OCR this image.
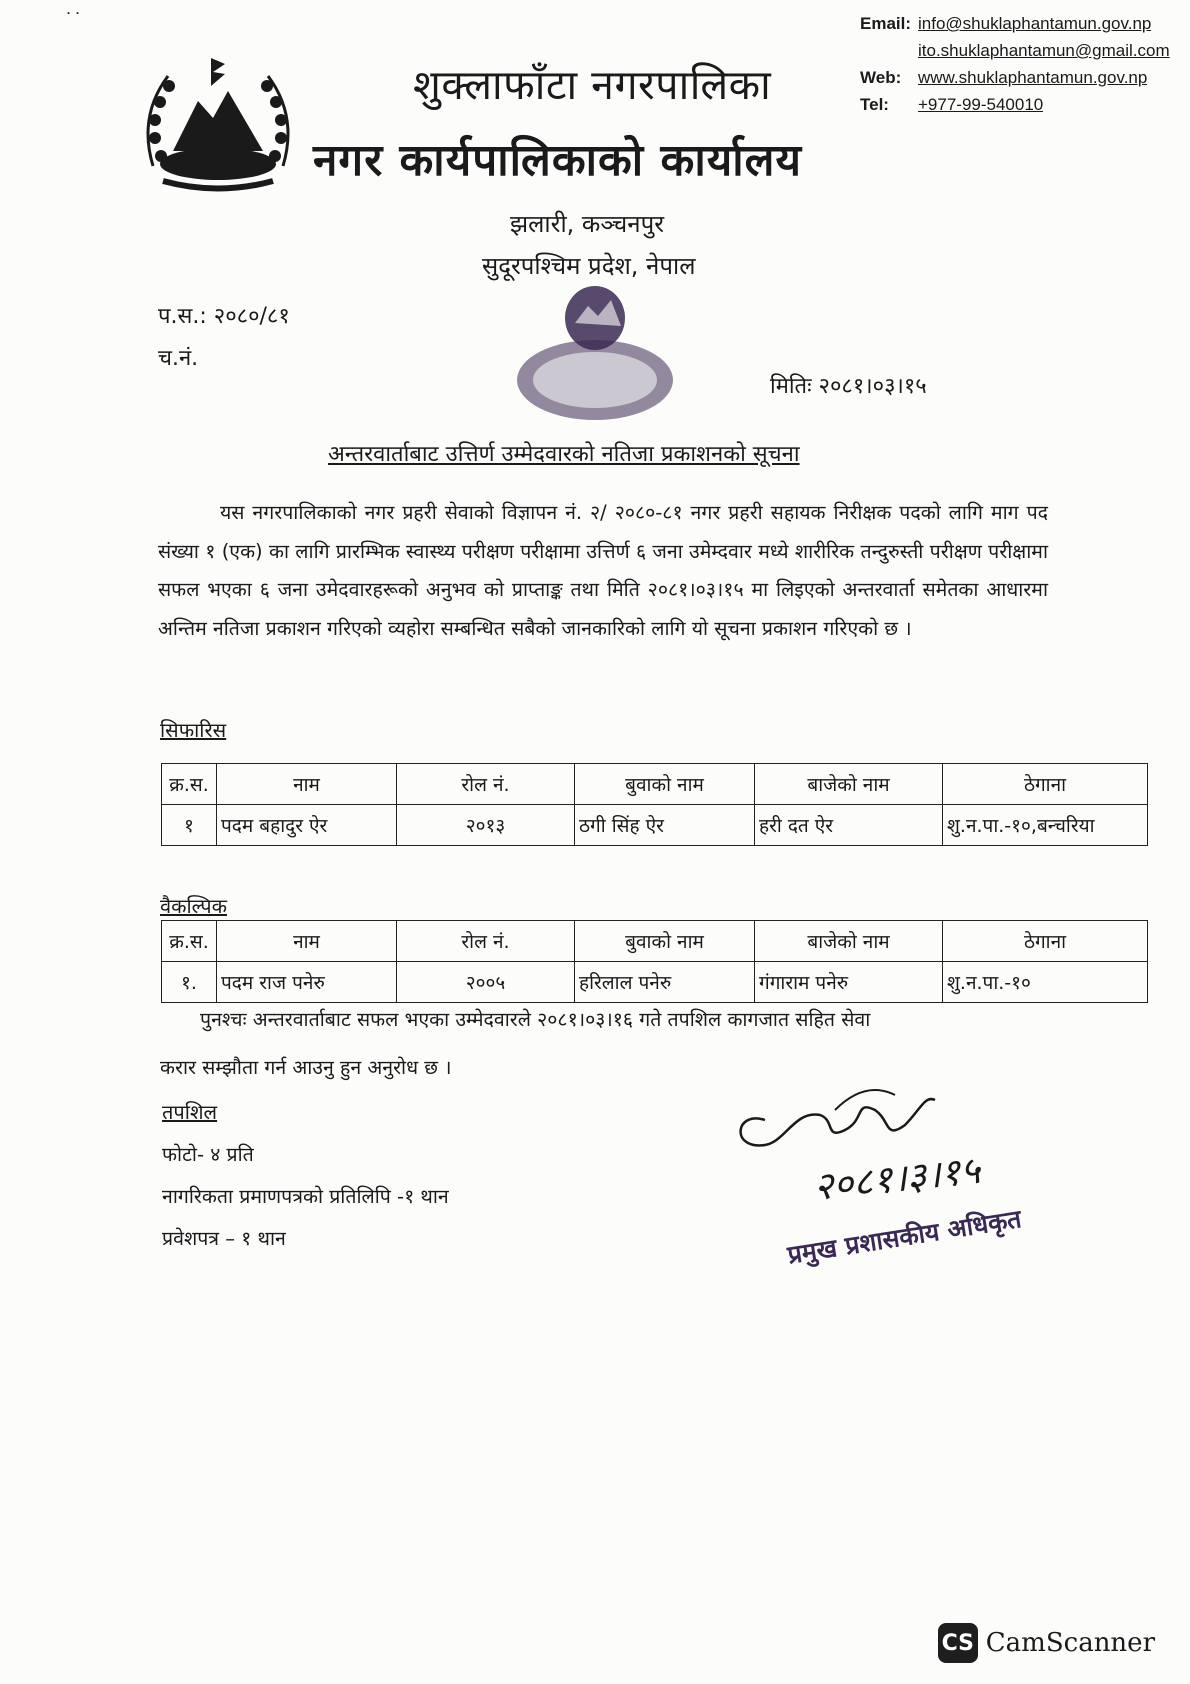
˙˙	Email: info@shuklaphantamun.gov.np
ito.shuklaphantamun@gmail.com
Web: www.shuklaphantamun.gov.np
Tel:	+977-99-540010
शुक्लाफाँटा नगरपालिका
नगर कार्यपालिकाको कार्यालय
झलारी, कञ्चनपुर
सुदूरपश्चिम प्रदेश, नेपाल
प.स.: २०८०/८१
च.नं.
मितिः २०८१।०३।१५
अन्तरवार्ताबाट उत्तिर्ण उम्मेदवारको नतिजा प्रकाशनको सूचना
यस नगरपालिकाको नगर प्रहरी सेवाको विज्ञापन नं. २/ २०८०-८१ नगर प्रहरी सहायक निरीक्षक पदको लागि माग पद संख्या १ (एक) का लागि प्रारम्भिक स्वास्थ्य परीक्षण परीक्षामा उत्तिर्ण ६ जना उमेम्दवार मध्ये शारीरिक तन्दुरुस्ती परीक्षण परीक्षामा सफल भएका ६ जना उमेदवारहरूको अनुभव को प्राप्ताङ्क तथा मिति २०८१।०३।१५ मा लिइएको अन्तरवार्ता समेतका आधारमा अन्तिम नतिजा प्रकाशन गरिएको व्यहोरा सम्बन्धित सबैको जानकारिको लागि यो सूचना प्रकाशन गरिएको छ ।
सिफारिस
क्र.स.	नाम	रोल नं.	बुवाको नाम	बाजेको नाम	ठेगाना
१	पदम बहादुर ऐर	२०१३	ठगी सिंह ऐर	हरी दत ऐर	शु.न.पा.-१०,बन्चरिया
वैकल्पिक
क्र.स.	नाम	रोल नं.	बुवाको नाम	बाजेको नाम	ठेगाना
१.	पदम राज पनेरु	२००५	हरिलाल पनेरु	गंगाराम पनेरु	शु.न.पा.-१०
पुनश्चः अन्तरवार्ताबाट सफल भएका उम्मेदवारले २०८१।०३।१६ गते तपशिल कागजात सहित सेवा
करार सम्झौता गर्न आउनु हुन अनुरोध छ ।
तपशिल
फोटो- ४ प्रति
नागरिकता प्रमाणपत्रको प्रतिलिपि -१ थान
प्रवेशपत्र – १ थान
२०८१।३।१५
प्रमुख प्रशासकीय अधिकृत
CS CamScanner
